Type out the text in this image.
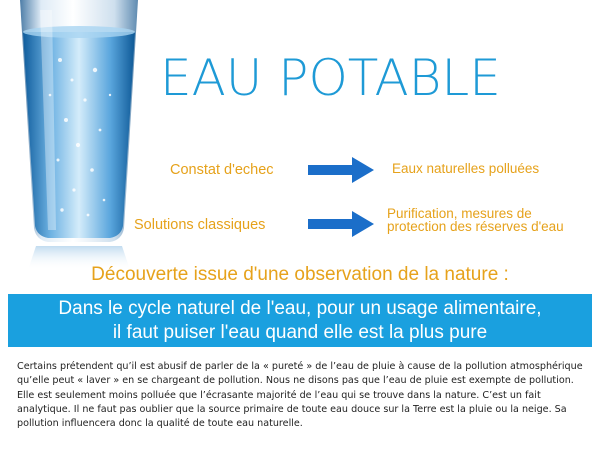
EAU POTABLE
Constat d'echec	Eaux naturelles polluées
Solutions classiques
Purification, mesures de protection des réserves d'eau
Découverte issue d'une observation de la nature :
Dans le cycle naturel de l'eau, pour un usage alimentaire,
il faut puiser l'eau quand elle est la plus pure
Certains prétendent qu’il est abusif de parler de la « pureté » de l’eau de pluie à cause de la pollution atmosphérique qu’elle peut « laver » en se chargeant de pollution. Nous ne disons pas que l’eau de pluie est exempte de pollution. Elle est seulement moins polluée que l’écrasante majorité de l’eau qui se trouve dans la nature. C’est un fait analytique. Il ne faut pas oublier que la source primaire de toute eau douce sur la Terre est la pluie ou la neige. Sa pollution influencera donc la qualité de toute eau naturelle.
